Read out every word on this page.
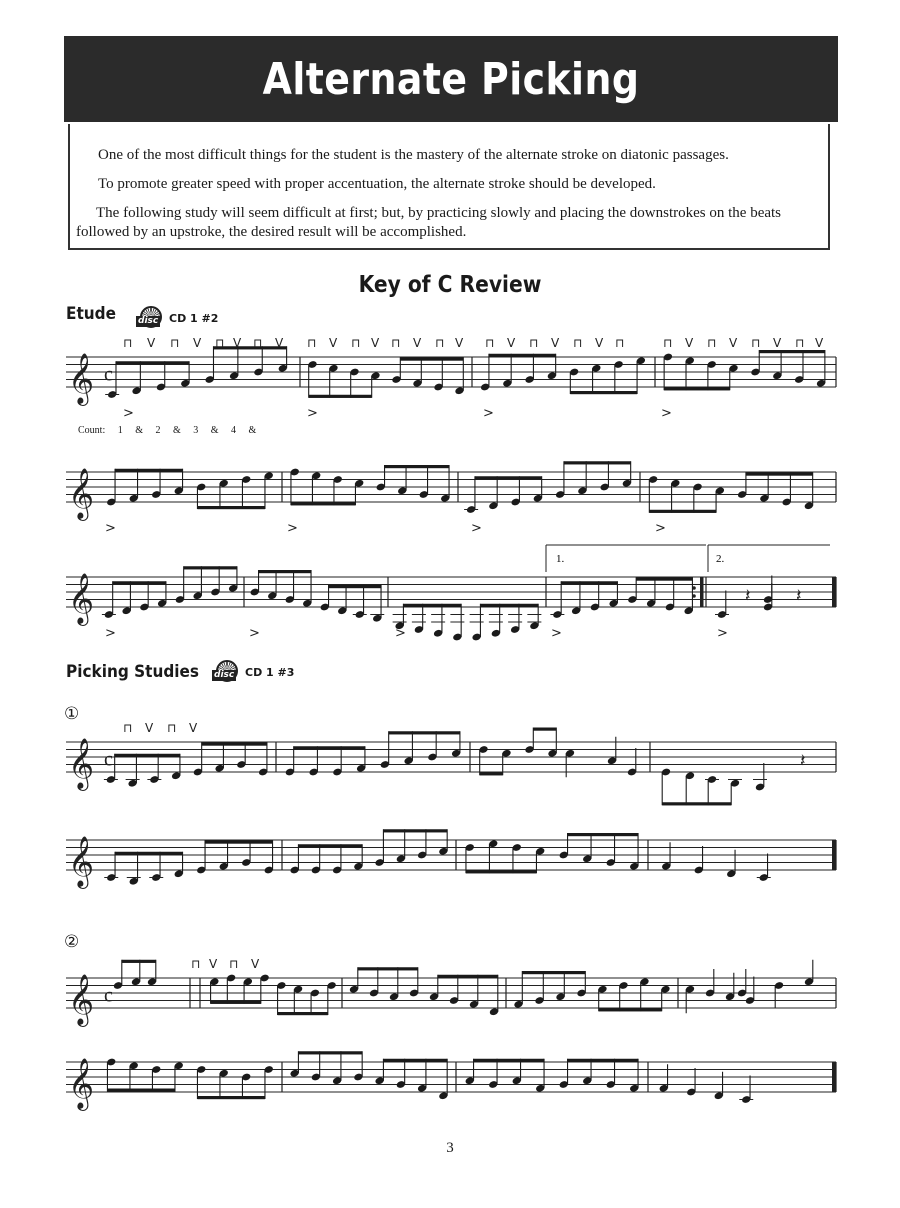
Alternate Picking

One of the most difficult things for the student is the mastery of the alternate stroke on diatonic passages.

To promote greater speed with proper accentuation, the alternate stroke should be developed.

The following study will seem difficult at first; but, by practicing slowly and placing the downstrokes on the beats followed by an upstroke, the desired result will be accomplished.

Key of C Review
Etude disc CD 1 #2
Count: 1 & 2 & 3 & 4 &
Picking Studies disc CD 1 #3
①
②
3
𝄞 c
𝄞
𝄞
𝄞 c
𝄞
𝄞 c
𝄞
𝄽	𝄽
>
1.	2.
𝄽
⊓ V ⊓ V ⊓ V ⊓ V ⊓ V ⊓ V ⊓ V ⊓ V ⊓ V ⊓ V ⊓ V ⊓	⊓ V ⊓ V ⊓ V ⊓ V
⊓ V ⊓ V
⊓ V ⊓ V
>	>	>	>
>	>	>	>
>	>	>	>
